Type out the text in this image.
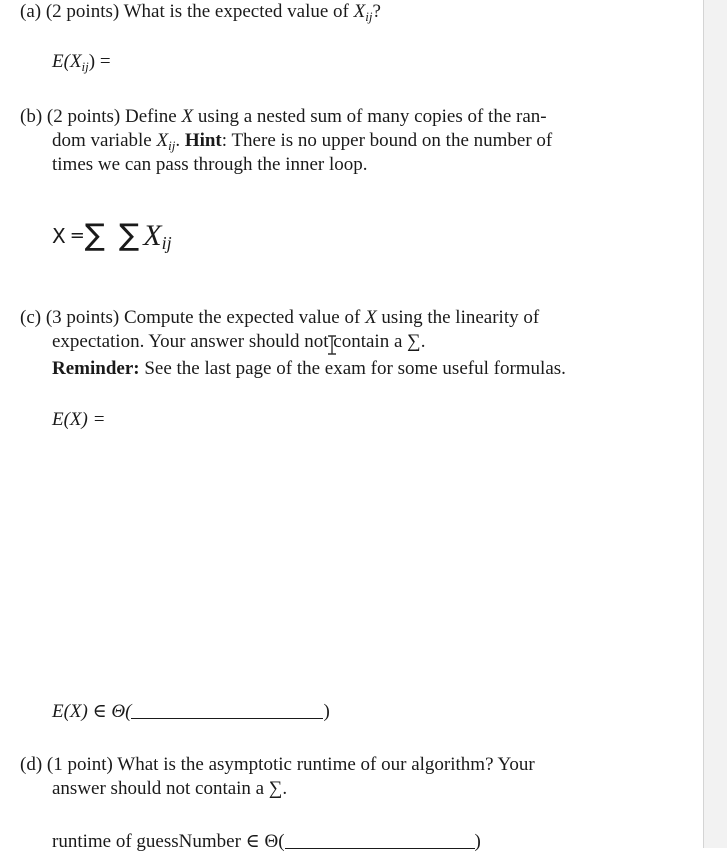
(a) (2 points) What is the expected value of $X_{ij}$?
$E(X_{ij})$ =
(b) (2 points) Define X using a nested sum of many copies of the ran-
dom variable $X_{ij}$. Hint: There is no upper bound on the number of
times we can pass through the inner loop.
X =∑ ∑ Xij
(c) (3 points) Compute the expected value of X using the linearity of
expectation. Your answer should not contain a ∑.
Reminder: See the last page of the exam for some useful formulas.
E(X) =
E(X) ∈ Θ(	)
(d) (1 point) What is the asymptotic runtime of our algorithm? Your
answer should not contain a ∑.
runtime of guessNumber ∈ Θ(	)
